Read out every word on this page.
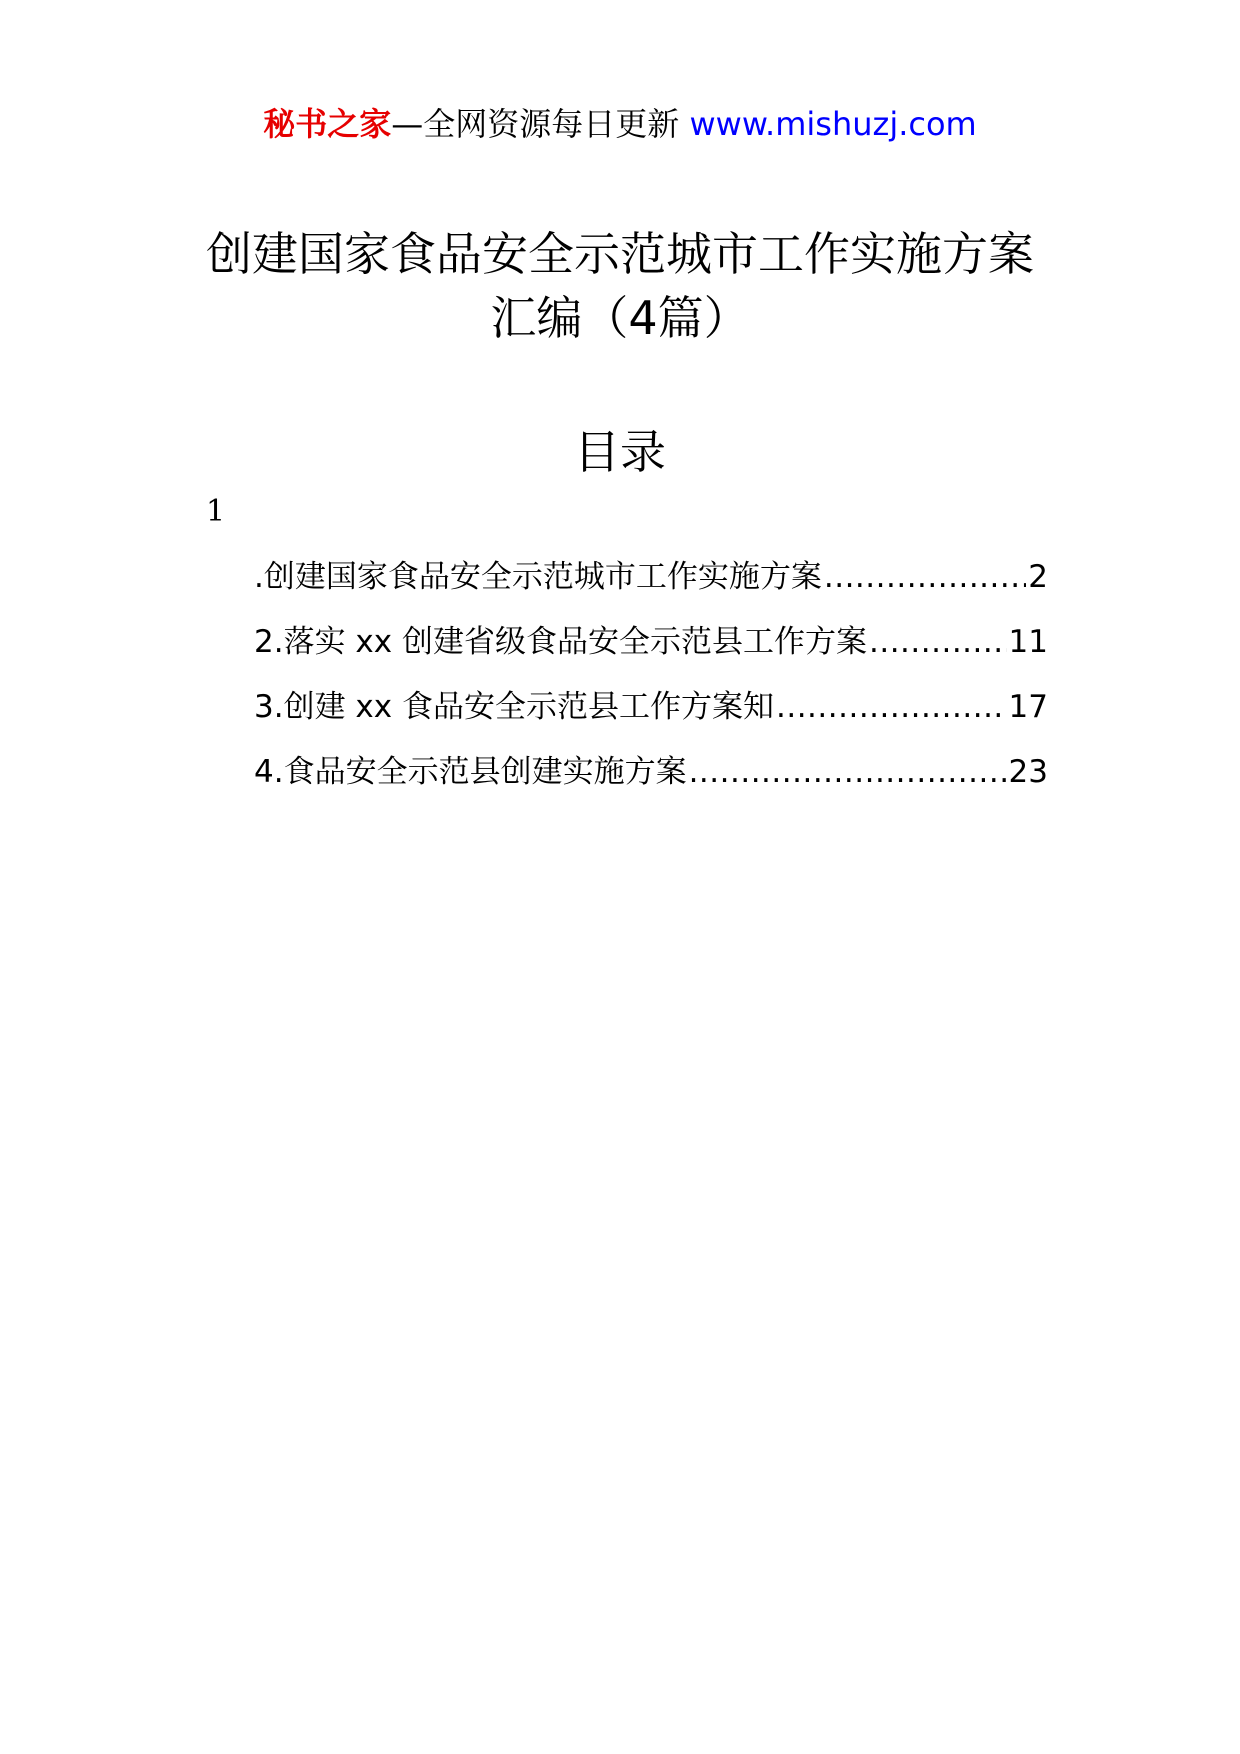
秘书之家—全网资源每日更新 www.mishuzj.com
创建国家食品安全示范城市工作实施方案
汇编（4篇）
目录
1
.创建国家食品安全示范城市工作实施方案 .....	2
2.落实 xx 创建省级食品安全示范县工作方案 .....	11
3.创建 xx 食品安全示范县工作方案知 .....	17
4.食品安全示范县创建实施方案 .....	23
